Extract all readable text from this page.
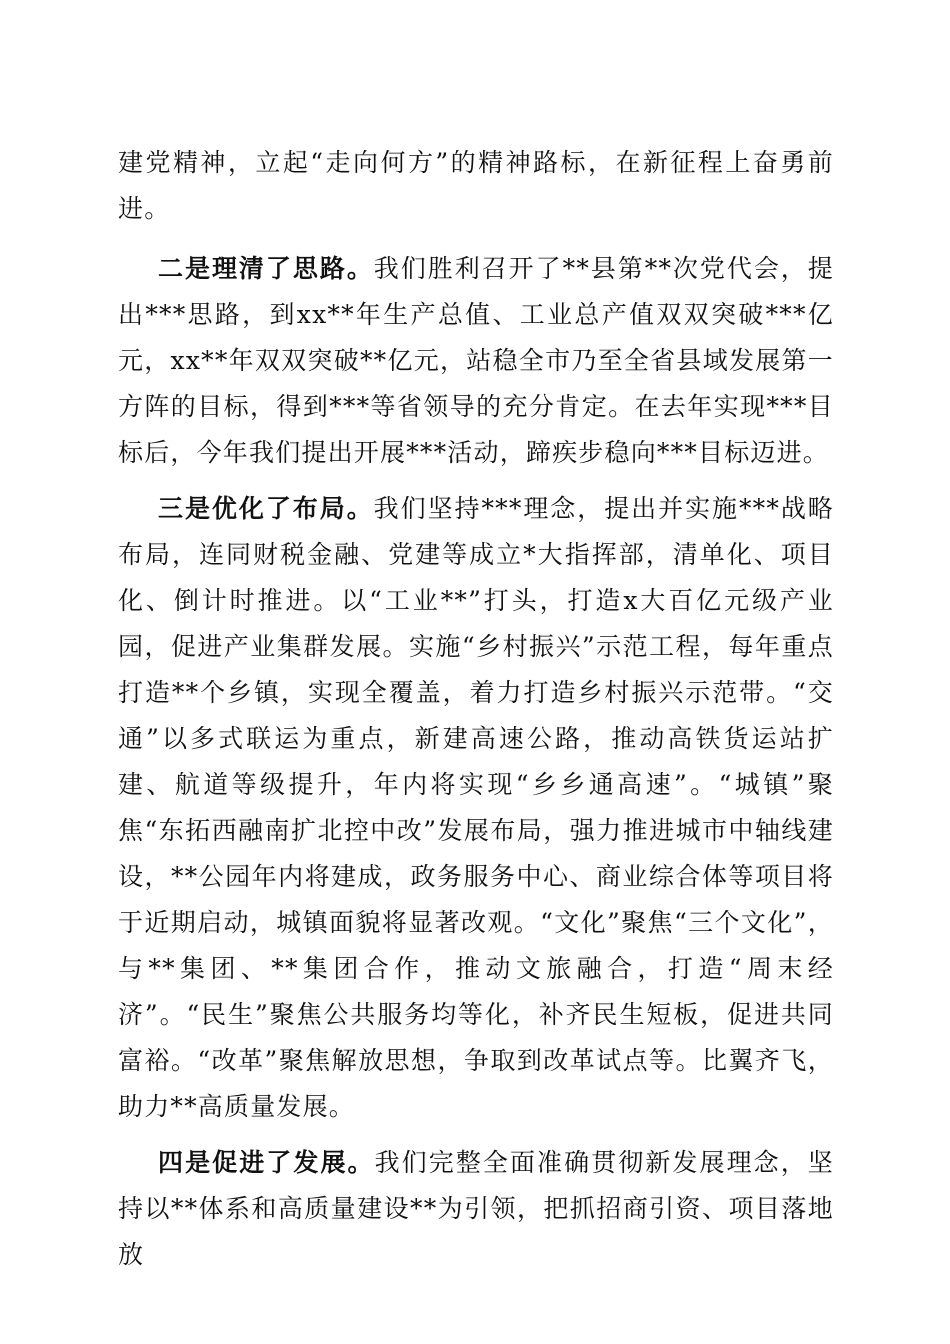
建党精神，立起“走向何方”的精神路标，在新征程上奋勇前进。

二是理清了思路。我们胜利召开了**县第**次党代会，提出***思路，到xx**年生产总值、工业总产值双双突破***亿元，xx**年双双突破**亿元，站稳全市乃至全省县域发展第一方阵的目标，得到***等省领导的充分肯定。在去年实现***目标后，今年我们提出开展***活动，蹄疾步稳向***目标迈进。

三是优化了布局。我们坚持***理念，提出并实施***战略布局，连同财税金融、党建等成立*大指挥部，清单化、项目化、倒计时推进。以“工业**”打头，打造x大百亿元级产业园，促进产业集群发展。实施“乡村振兴”示范工程，每年重点打造**个乡镇，实现全覆盖，着力打造乡村振兴示范带。“交通”以多式联运为重点，新建高速公路，推动高铁货运站扩建、航道等级提升，年内将实现“乡乡通高速”。“城镇”聚焦“东拓西融南扩北控中改”发展布局，强力推进城市中轴线建设，**公园年内将建成，政务服务中心、商业综合体等项目将于近期启动，城镇面貌将显著改观。“文化”聚焦“三个文化”，与**集团、**集团合作，推动文旅融合，打造“周末经济”。“民生”聚焦公共服务均等化，补齐民生短板，促进共同富裕。“改革”聚焦解放思想，争取到改革试点等。比翼齐飞，助力**高质量发展。

四是促进了发展。我们完整全面准确贯彻新发展理念，坚持以**体系和高质量建设**为引领，把抓招商引资、项目落地放
